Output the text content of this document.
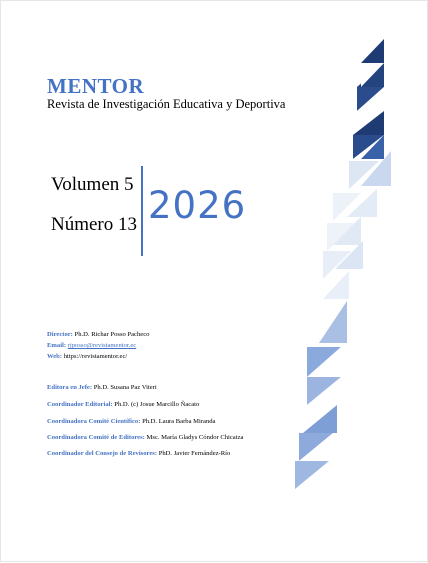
MENTOR
Revista de Investigación Educativa y Deportiva
Volumen 5
Número 13 2026
Director: Ph.D. Richar Posso Pacheco
Email: rjposso@revistamentor.ec
Web: https://revistamentor.ec/
Editora en Jefe: Ph.D. Susana Paz Viteri
Coordinador Editorial: Ph.D. (c) Josue Marcillo Ñacato
Coordinadora Comité Científico: Ph.D. Laura Barba Miranda
Coordinadora Comité de Editores: Msc. María Gladys Cóndor Chicaiza
Coordinador del Consejo de Revisores: PhD. Javier Fernández-Río
